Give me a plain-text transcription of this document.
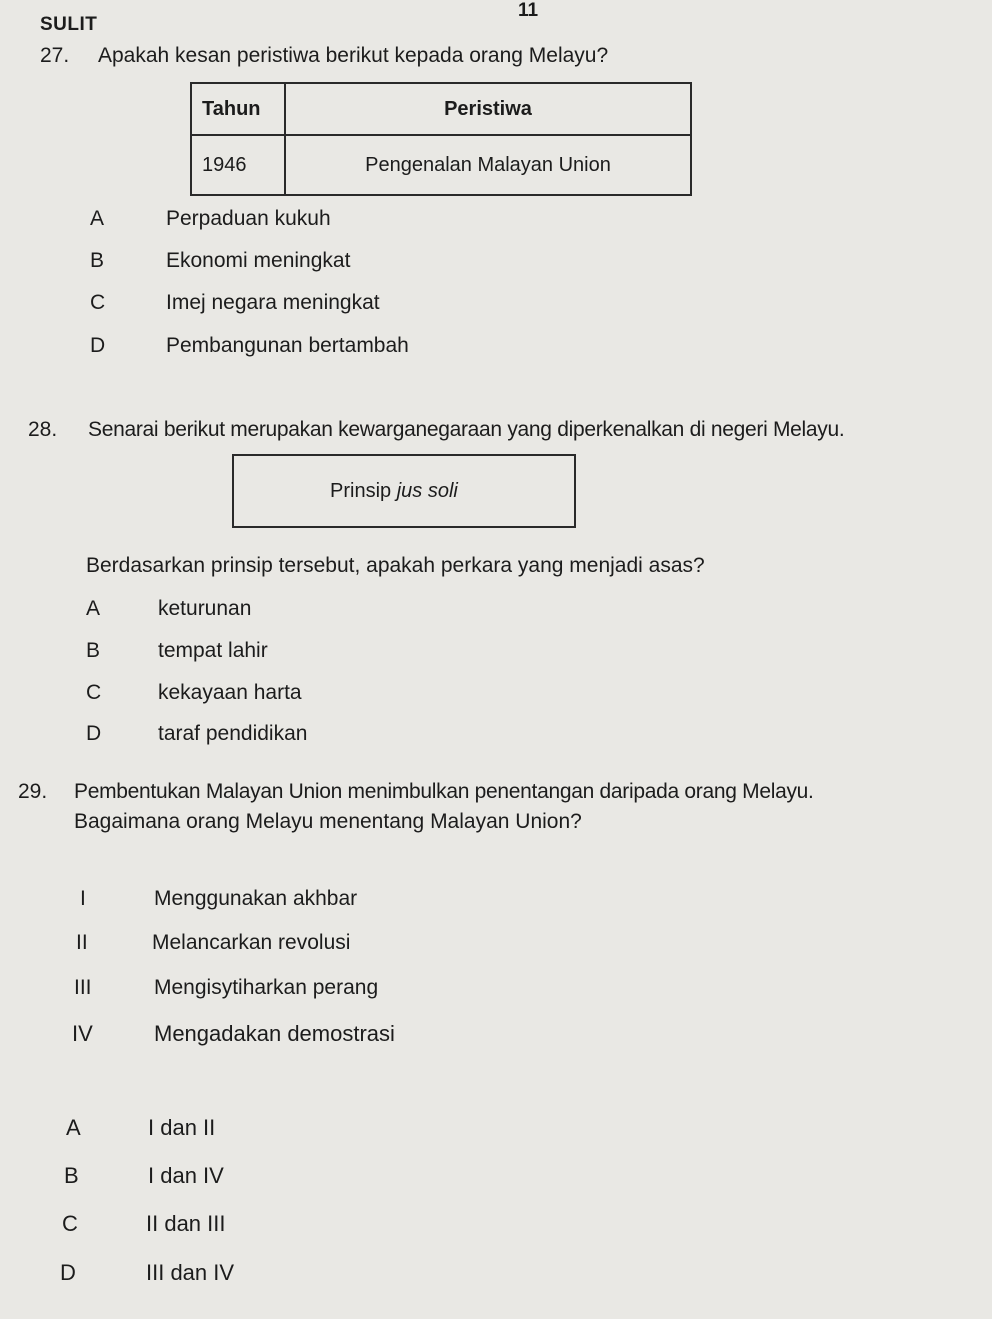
SULIT
11
27. Apakah kesan peristiwa berikut kepada orang Melayu?
Tahun	Peristiwa
1946	Pengenalan Malayan Union
A	Perpaduan kukuh
B	Ekonomi meningkat
C	Imej negara meningkat
D	Pembangunan bertambah
28. Senarai berikut merupakan kewarganegaraan yang diperkenalkan di negeri Melayu.
Prinsip jus soli
Berdasarkan prinsip tersebut, apakah perkara yang menjadi asas?
A	keturunan
B	tempat lahir
C	kekayaan harta
D	taraf pendidikan
29. Pembentukan Malayan Union menimbulkan penentangan daripada orang Melayu.
Bagaimana orang Melayu menentang Malayan Union?
I	Menggunakan akhbar
II	Melancarkan revolusi
III	Mengisytiharkan perang
IV	Mengadakan demostrasi
A	I dan II
B	I dan IV
C	II dan III
D	III dan IV
